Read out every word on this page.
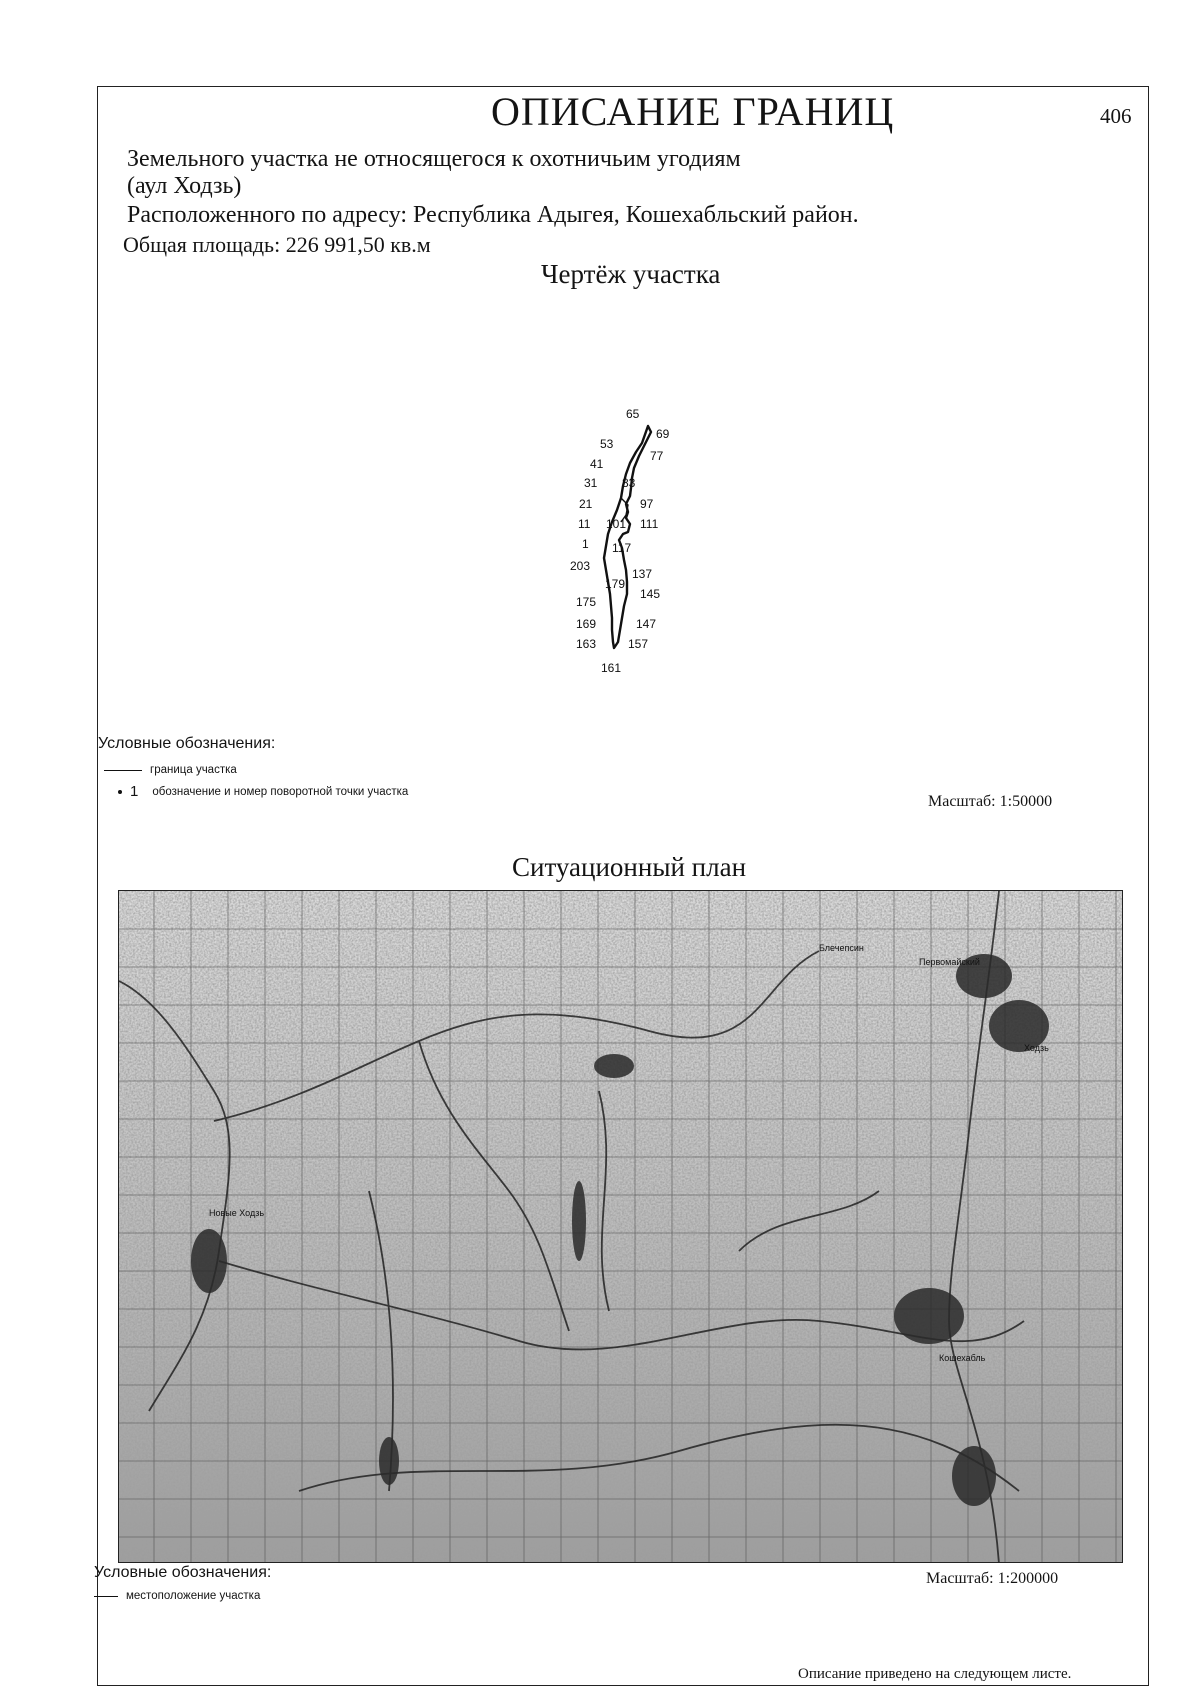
ОПИСАНИЕ ГРАНИЦ	406
Земельного участка не относящегося к охотничьим угодиям
(аул Ходзь)
Расположенного по адресу: Республика Адыгея, Кошехабльский район.
Общая площадь: 226 991,50 кв.м
Чертёж участка
65
69
53
77
41
31 83
21	97
11 101 111
1 117
203
137
179
145
175
169	147
163	157
161
Условные обозначения:
граница участка
1 обозначение и номер поворотной точки участка
Масштаб: 1:50000
Ситуационный план
Первомайский
Ходзь
Новые Ходзь
Кошехабль
Блечепсин
Условные обозначения:
местоположение участка
Масштаб: 1:200000
Описание приведено на следующем листе.
